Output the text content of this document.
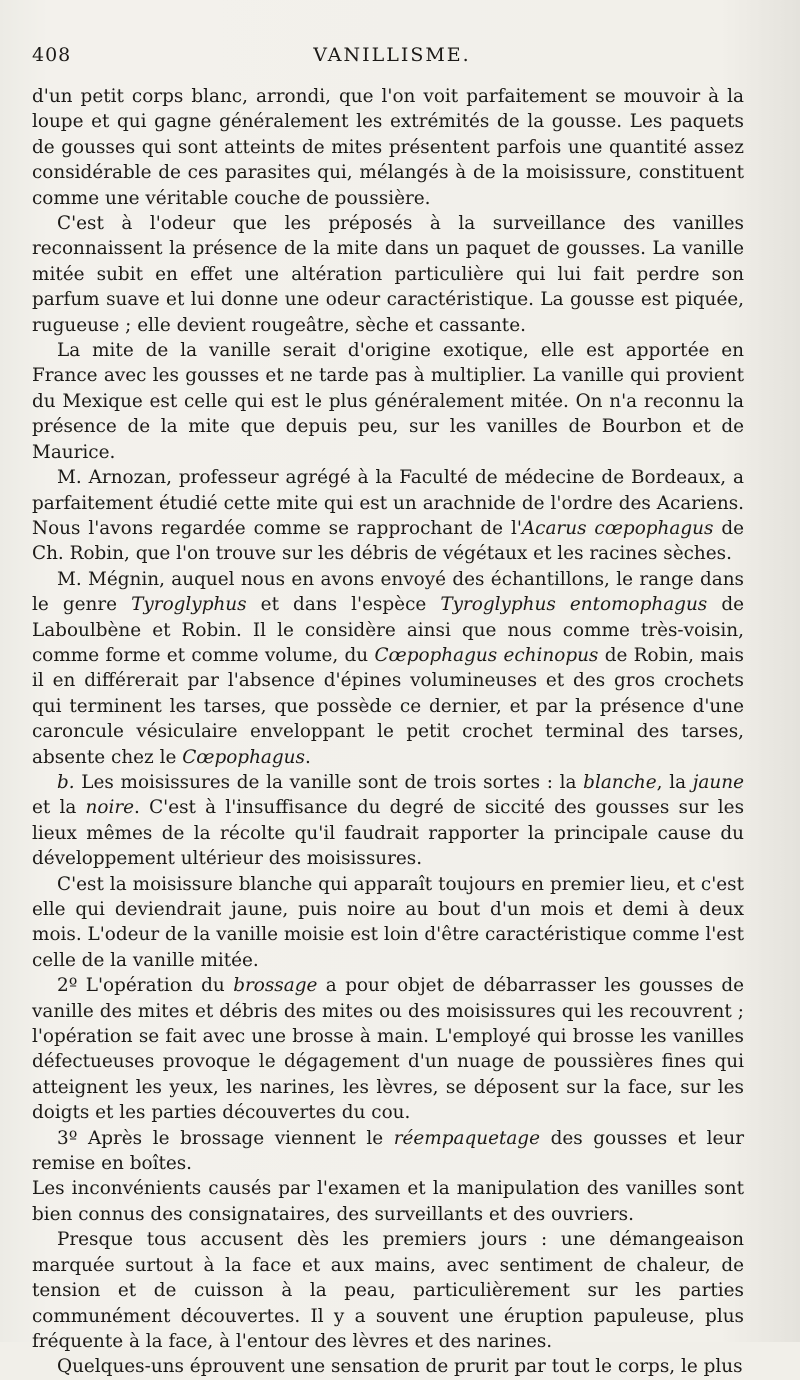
408	VANILLISME.

d'un petit corps blanc, arrondi, que l'on voit parfaitement se mouvoir à la loupe et qui gagne généralement les extrémités de la gousse. Les paquets de gousses qui sont atteints de mites présentent parfois une quantité assez considérable de ces parasites qui, mélangés à de la moisissure, constituent comme une véritable couche de poussière.

C'est à l'odeur que les préposés à la surveillance des vanilles reconnaissent la présence de la mite dans un paquet de gousses. La vanille mitée subit en effet une altération particulière qui lui fait perdre son parfum suave et lui donne une odeur caractéristique. La gousse est piquée, rugueuse ; elle devient rougeâtre, sèche et cassante.

La mite de la vanille serait d'origine exotique, elle est apportée en France avec les gousses et ne tarde pas à multiplier. La vanille qui provient du Mexique est celle qui est le plus généralement mitée. On n'a reconnu la présence de la mite que depuis peu, sur les vanilles de Bourbon et de Maurice.

M. Arnozan, professeur agrégé à la Faculté de médecine de Bordeaux, a parfaitement étudié cette mite qui est un arachnide de l'ordre des Acariens. Nous l'avons regardée comme se rapprochant de l'Acarus cœpophagus de Ch. Robin, que l'on trouve sur les débris de végétaux et les racines sèches.

M. Mégnin, auquel nous en avons envoyé des échantillons, le range dans le genre Tyroglyphus et dans l'espèce Tyroglyphus entomophagus de Laboulbène et Robin. Il le considère ainsi que nous comme très-voisin, comme forme et comme volume, du Cœpophagus echinopus de Robin, mais il en différerait par l'absence d'épines volumineuses et des gros crochets qui terminent les tarses, que possède ce dernier, et par la présence d'une caroncule vésiculaire enveloppant le petit crochet terminal des tarses, absente chez le Cœpophagus.

b. Les moisissures de la vanille sont de trois sortes : la blanche, la jaune et la noire. C'est à l'insuffisance du degré de siccité des gousses sur les lieux mêmes de la récolte qu'il faudrait rapporter la principale cause du développement ultérieur des moisissures.

C'est la moisissure blanche qui apparaît toujours en premier lieu, et c'est elle qui deviendrait jaune, puis noire au bout d'un mois et demi à deux mois. L'odeur de la vanille moisie est loin d'être caractéristique comme l'est celle de la vanille mitée.

2º L'opération du brossage a pour objet de débarrasser les gousses de vanille des mites et débris des mites ou des moisissures qui les recouvrent ; l'opération se fait avec une brosse à main. L'employé qui brosse les vanilles défectueuses provoque le dégagement d'un nuage de poussières fines qui atteignent les yeux, les narines, les lèvres, se déposent sur la face, sur les doigts et les parties découvertes du cou.

3º Après le brossage viennent le réempaquetage des gousses et leur remise en boîtes.

Les inconvénients causés par l'examen et la manipulation des vanilles sont bien connus des consignataires, des surveillants et des ouvriers.

Presque tous accusent dès les premiers jours : une démangeaison marquée surtout à la face et aux mains, avec sentiment de chaleur, de tension et de cuisson à la peau, particulièrement sur les parties communément découvertes. Il y a souvent une éruption papuleuse, plus fréquente à la face, à l'entour des lèvres et des narines.

Quelques-uns éprouvent une sensation de prurit par tout le corps, le plus
